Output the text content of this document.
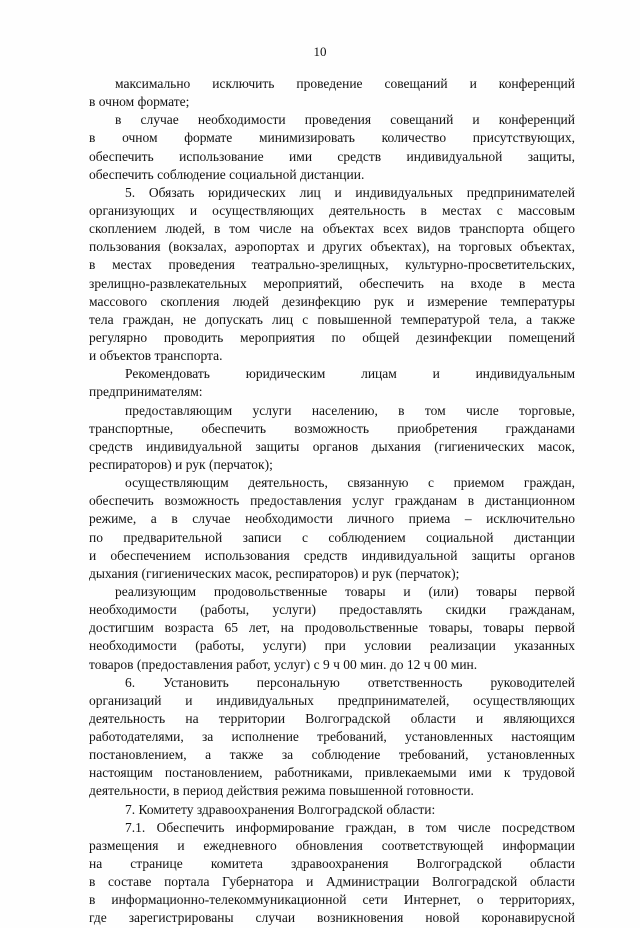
10
максимально исключить проведение совещаний и конференций
в очном формате;
в случае необходимости проведения совещаний и конференций
в очном формате минимизировать количество присутствующих,
обеспечить использование ими средств индивидуальной защиты,
обеспечить соблюдение социальной дистанции.
5. Обязать юридических лиц и индивидуальных предпринимателей
организующих и осуществляющих деятельность в местах с массовым
скоплением людей, в том числе на объектах всех видов транспорта общего
пользования (вокзалах, аэропортах и других объектах), на торговых объектах,
в местах проведения театрально-зрелищных, культурно-просветительских,
зрелищно-развлекательных мероприятий, обеспечить на входе в места
массового скопления людей дезинфекцию рук и измерение температуры
тела граждан, не допускать лиц с повышенной температурой тела, а также
регулярно проводить мероприятия по общей дезинфекции помещений
и объектов транспорта.
Рекомендовать юридическим лицам и индивидуальным
предпринимателям:
предоставляющим услуги населению, в том числе торговые,
транспортные, обеспечить возможность приобретения гражданами
средств индивидуальной защиты органов дыхания (гигиенических масок,
респираторов) и рук (перчаток);
осуществляющим деятельность, связанную с приемом граждан,
обеспечить возможность предоставления услуг гражданам в дистанционном
режиме, а в случае необходимости личного приема – исключительно
по предварительной записи с соблюдением социальной дистанции
и обеспечением использования средств индивидуальной защиты органов
дыхания (гигиенических масок, респираторов) и рук (перчаток);
реализующим продовольственные товары и (или) товары первой
необходимости (работы, услуги) предоставлять скидки гражданам,
достигшим возраста 65 лет, на продовольственные товары, товары первой
необходимости (работы, услуги) при условии реализации указанных
товаров (предоставления работ, услуг) с 9 ч 00 мин. до 12 ч 00 мин.
6. Установить персональную ответственность руководителей
организаций и индивидуальных предпринимателей, осуществляющих
деятельность на территории Волгоградской области и являющихся
работодателями, за исполнение требований, установленных настоящим
постановлением, а также за соблюдение требований, установленных
настоящим постановлением, работниками, привлекаемыми ими к трудовой
деятельности, в период действия режима повышенной готовности.
7. Комитету здравоохранения Волгоградской области:
7.1. Обеспечить информирование граждан, в том числе посредством
размещения и ежедневного обновления соответствующей информации
на странице комитета здравоохранения Волгоградской области
в составе портала Губернатора и Администрации Волгоградской области
в информационно-телекоммуникационной сети Интернет, о территориях,
где зарегистрированы случаи возникновения новой коронавирусной
